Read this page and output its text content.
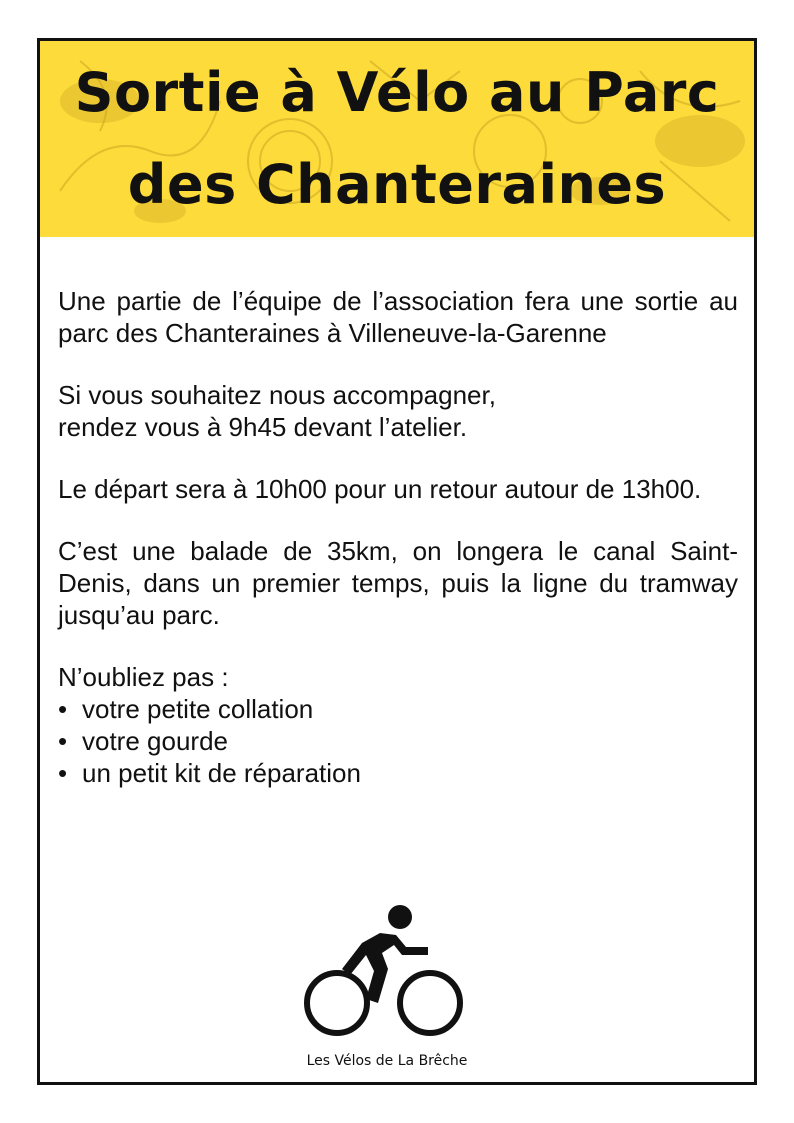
Sortie à Vélo au Parc
des Chanteraines

Une partie de l’équipe de l’association fera une sortie au parc des Chanteraines à Villeneuve-la-Garenne

Si vous souhaitez nous accompagner,
rendez vous à 9h45 devant l’atelier.

Le départ sera à 10h00 pour un retour autour de 13h00.

C’est une balade de 35km, on longera le canal Saint-Denis, dans un premier temps, puis la ligne du tramway jusqu’au parc.

N’oubliez pas :

• votre petite collation
• votre gourde
• un petit kit de réparation
Les Vélos de La Brêche
